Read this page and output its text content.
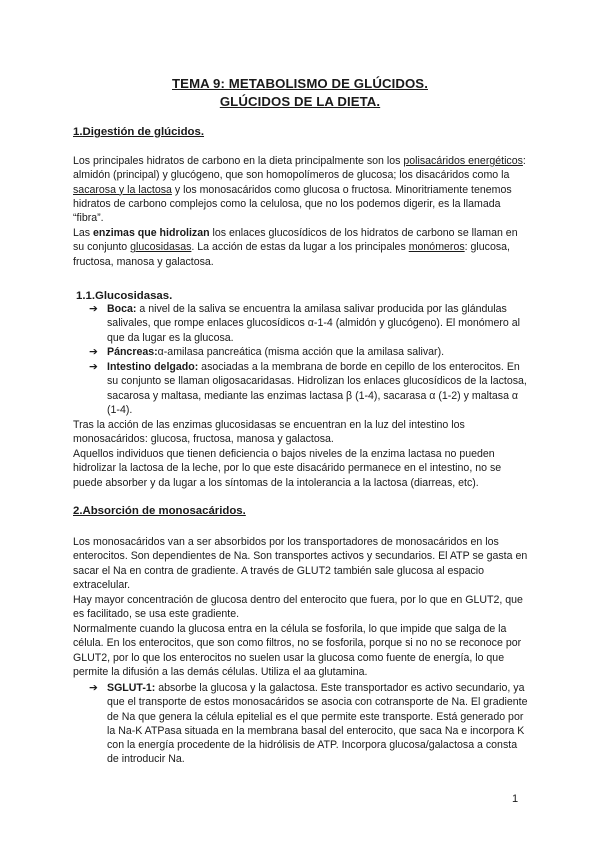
TEMA 9: METABOLISMO DE GLÚCIDOS.
GLÚCIDOS DE LA DIETA.
1.Digestión de glúcidos.

Los principales hidratos de carbono en la dieta principalmente son los polisacáridos energéticos: almidón (principal) y glucógeno, que son homopolímeros de glucosa; los disacáridos como la sacarosa y la lactosa y los monosacáridos como glucosa o fructosa. Minoritriamente tenemos hidratos de carbono complejos como la celulosa, que no los podemos digerir, es la llamada “fibra”.

Las enzimas que hidrolizan los enlaces glucosídicos de los hidratos de carbono se llaman en su conjunto glucosidasas. La acción de estas da lugar a los principales monómeros: glucosa, fructosa, manosa y galactosa.

1.1.Glucosidasas.
➔ Boca: a nivel de la saliva se encuentra la amilasa salivar producida por las glándulas salivales, que rompe enlaces glucosídicos α-1-4 (almidón y glucógeno). El monómero al que da lugar es la glucosa.
➔ Páncreas:α-amilasa pancreática (misma acción que la amilasa salivar).
➔ Intestino delgado: asociadas a la membrana de borde en cepillo de los enterocitos. En su conjunto se llaman oligosacaridasas. Hidrolizan los enlaces glucosídicos de la lactosa, sacarosa y maltasa, mediante las enzimas lactasa β (1-4), sacarasa α (1-2) y maltasa α (1-4).
Tras la acción de las enzimas glucosidasas se encuentran en la luz del intestino los monosacáridos: glucosa, fructosa, manosa y galactosa.
Aquellos individuos que tienen deficiencia o bajos niveles de la enzima lactasa no pueden hidrolizar la lactosa de la leche, por lo que este disacárido permanece en el intestino, no se puede absorber y da lugar a los síntomas de la intolerancia a la lactosa (diarreas, etc).
2.Absorción de monosacáridos.
Los monosacáridos van a ser absorbidos por los transportadores de monosacáridos en los enterocitos. Son dependientes de Na. Son transportes activos y secundarios. El ATP se gasta en sacar el Na en contra de gradiente. A través de GLUT2 también sale glucosa al espacio extracelular.
Hay mayor concentración de glucosa dentro del enterocito que fuera, por lo que en GLUT2, que es facilitado, se usa este gradiente.
Normalmente cuando la glucosa entra en la célula se fosforila, lo que impide que salga de la célula. En los enterocitos, que son como filtros, no se fosforila, porque si no no se reconoce por GLUT2, por lo que los enterocitos no suelen usar la glucosa como fuente de energía, lo que permite la difusión a las demás células. Utiliza el aa glutamina.
➔ SGLUT-1: absorbe la glucosa y la galactosa. Este transportador es activo secundario, ya que el transporte de estos monosacáridos se asocia con cotransporte de Na. El gradiente de Na que genera la célula epitelial es el que permite este transporte. Está generado por la Na-K ATPasa situada en la membrana basal del enterocito, que saca Na e incorpora K con la energía procedente de la hidrólisis de ATP. Incorpora glucosa/galactosa a consta de introducir Na.
1
